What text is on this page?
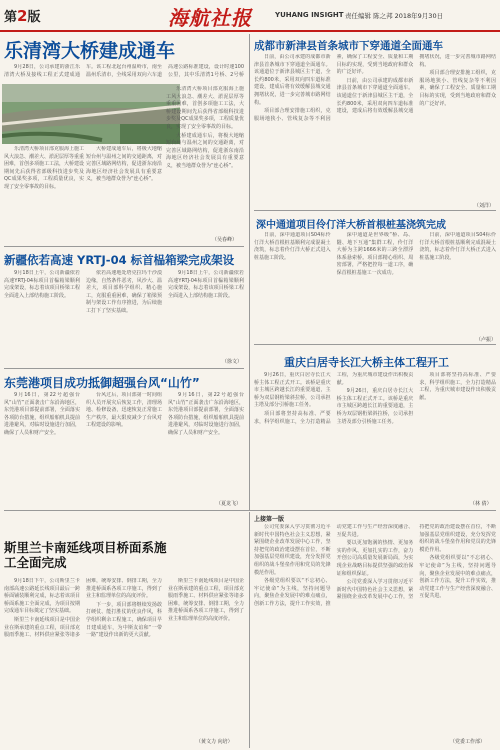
第2版	海航社报	YUHANG INSIGHT 责任编辑 陈之邦 2018年9月30日
乐清湾大桥建成通车

9月28日，公司承建的浙江乐清湾大桥及接线工程正式建成通车。该工程北起台州温岭市，南至温州乐清市，全线采用双向六车道高速公路标准建设，设计时速100公里，其中乐清湾1号桥、2号桥

乐清湾大桥项目部克服海上施工风大浪急、潮差大、淤泥层厚等重重困难，首创多项施工工法，大桥建设期间先后获得省部级科技进步奖及QC成果奖多项，工程质量优良，实现了安全零事故的目标。

大桥建成通车后，将极大地缩短台州与温州之间的交通距离，对完善区域路网结构，促进浙东南沿海地区经济社会发展具有重要意义，被当地群众誉为“连心桥”。

乐清湾大桥项目部克服海上施工风大浪急、潮差大、淤泥层厚等重重困难，首创多项施工工法，大桥建设期间先后获得省部级科技进步奖及QC成果奖多项，工程质量优良，实现了安全零事故的目标。

大桥建成通车后，将极大地缩短台州与温州之间的交通距离，对完善区域路网结构，促进浙东南沿海地区经济社会发展具有重要意义，被当地群众誉为“连心桥”。

（吴春峰）
新疆依若高速 YRTJ-04 标首榀箱梁完成架设

9月18日上午，公司新疆依若高速YRTJ-04标项目首榀箱梁顺利完成架设，标志着该项目桥梁工程全面进入上部结构施工阶段。

依若高速地处塔克拉玛干沙漠边缘，自然条件恶劣，风沙大、温差大，项目部科学组织、精心施工，克服重重困难，确保了箱梁预制与架设工作有序推进，为后续施工打下了坚实基础。

9月18日上午，公司新疆依若高速YRTJ-04标项目首榀箱梁顺利完成架设，标志着该项目桥梁工程全面进入上部结构施工阶段。

（徐文）
东莞港项目成功抵御超强台风“山竹”

9月16日，第22号超强台风“山竹”正面袭击广东沿海地区，东莞港项目部提前部署，全面落实各项防台措施，组织船舶机具提前进港避风，对临时设施进行加固，确保了人员和财产安全。

台风过后，项目部第一时间组织人员开展灾后恢复工作，清理场地、检修设备，迅速恢复正常施工生产秩序，最大限度减少了台风对工程建设的影响。

9月16日，第22号超强台风“山竹”正面袭击广东沿海地区，东莞港项目部提前部署，全面落实各项防台措施，组织船舶机具提前进港避风，对临时设施进行加固，确保了人员和财产安全。

（夏龙飞）
斯里兰卡南延线项目桥面系施工全面完成

9月18日下午，公司斯里兰卡南部高速公路延长线项目最后一跨桥面铺装顺利完成，标志着该项目桥面系施工全面完成，为项目按期完成通车目标奠定了坚实基础。

斯里兰卡南延线项目是中国企业在斯承建的重点工程，项目部克服雨季施工、材料供应紧张等诸多困难，统筹安排、倒排工期，全力推进桥面系各项工序施工，得到了业主和监理单位的高度评价。

下一步，项目部将继续发扬敢打硬仗、能打胜仗的优良作风，科学组织剩余工程施工，确保项目早日建成通车，为中斯友谊和“一带一路”建设作出新的更大贡献。

斯里兰卡南延线项目是中国企业在斯承建的重点工程，项目部克服雨季施工、材料供应紧张等诸多困难，统筹安排、倒排工期，全力推进桥面系各项工序施工，得到了业主和监理单位的高度评价。

（黄文力 向培）
上接第一版

公司党委深入学习贯彻习近平新时代中国特色社会主义思想，紧紧围绕企业改革发展中心工作，坚持把党的政治建设摆在首位，不断加强基层党组织建设，充分发挥党组织的战斗堡垒作用和党员的先锋模范作用。

各级党组织要以“不忘初心、牢记使命”为主线，坚持问题导向，聚焦企业发展中的难点痛点，创新工作方法，提升工作实效，推动党建工作与生产经营深度融合、互促共进。

要以更加饱满的热情、更加务实的作风、更加扎实的工作，奋力开创公司高质量发展新局面，为实现企业战略目标提供坚强的政治保证和组织保证。

公司党委深入学习贯彻习近平新时代中国特色社会主义思想，紧紧围绕企业改革发展中心工作，坚持把党的政治建设摆在首位，不断加强基层党组织建设，充分发挥党组织的战斗堡垒作用和党员的先锋模范作用。

各级党组织要以“不忘初心、牢记使命”为主线，坚持问题导向，聚焦企业发展中的难点痛点，创新工作方法，提升工作实效，推动党建工作与生产经营深度融合、互促共进。

（党委工作部）
成都市新津县首条城市下穿通道全面通车

日前，由公司承建的成都市新津县首条城市下穿通道全面通车。该通道位于新津县城区主干道，全长约800米，采用双向四车道标准建设，建成后将有效缓解县城交通拥堵状况，进一步完善城市路网结构。

项目部合理安排施工组织，克服场地狭小、管线复杂等不利因素，确保了工程安全、质量和工期目标的实现，受到当地政府和群众的广泛好评。

日前，由公司承建的成都市新津县首条城市下穿通道全面通车。该通道位于新津县城区主干道，全长约800米，采用双向四车道标准建设，建成后将有效缓解县城交通拥堵状况，进一步完善城市路网结构。

项目部合理安排施工组织，克服场地狭小、管线复杂等不利因素，确保了工程安全、质量和工期目标的实现，受到当地政府和群众的广泛好评。

（刘洋）
深中通道项目伶仃洋大桥首根桩基浇筑完成

日前，深中通道项目S04标伶仃洋大桥首根桩基顺利完成混凝土浇筑，标志着伶仃洋大桥正式进入桩基施工阶段。

深中通道是世界级“桥、岛、隧、地下互通”集群工程，伶仃洋大桥为主跨1666米的三跨全漂浮体系悬索桥。项目部精心组织、周密部署，严格把控每一道工序，确保首根桩基施工一次成功。

日前，深中通道项目S04标伶仃洋大桥首根桩基顺利完成混凝土浇筑，标志着伶仃洋大桥正式进入桩基施工阶段。

（卢振）
重庆白居寺长江大桥主体工程开工

9月26日，重庆白居寺长江大桥主体工程正式开工。该桥是重庆市主城区跨越长江的重要通道，主桥为双层钢桁梁斜拉桥，公司承担主塔及部分引桥施工任务。

项目部将坚持高标准、严要求，科学组织施工，全力打造精品工程，为重庆城市建设作出积极贡献。

9月26日，重庆白居寺长江大桥主体工程正式开工。该桥是重庆市主城区跨越长江的重要通道，主桥为双层钢桁梁斜拉桥，公司承担主塔及部分引桥施工任务。

项目部将坚持高标准、严要求，科学组织施工，全力打造精品工程，为重庆城市建设作出积极贡献。

（林 倩）
